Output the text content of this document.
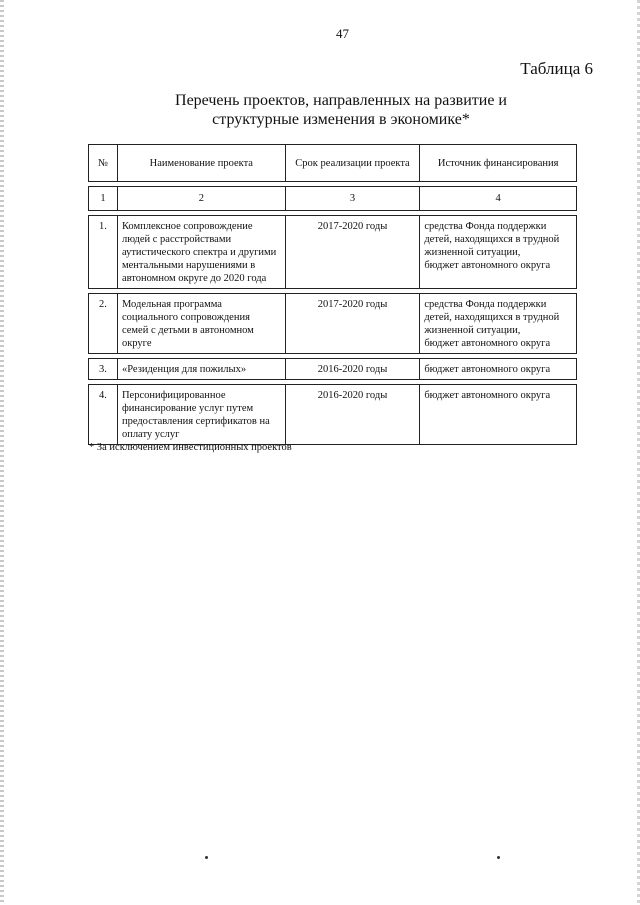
47
Таблица 6
Перечень проектов, направленных на развитие и
структурные изменения в экономике*
№	Наименование проекта	Срок реализации проекта	Источник финансирования

1	2	3	4

1.	Комплексное сопровождение
людей с расстройствами
аутистического спектра и другими
ментальными нарушениями в
автономном округе до 2020 года	2017-2020 годы	средства Фонда поддержки
детей, находящихся в трудной
жизненной ситуации,
бюджет автономного округа

2.	Модельная программа
социального сопровождения
семей с детьми в автономном
округе	2017-2020 годы	средства Фонда поддержки
детей, находящихся в трудной
жизненной ситуации,
бюджет автономного округа

3.	«Резиденция для пожилых»	2016-2020 годы	бюджет автономного округа

4.	Персонифицированное
финансирование услуг путем
предоставления сертификатов на
оплату услуг	2016-2020 годы	бюджет автономного округа
* За исключением инвестиционных проектов
